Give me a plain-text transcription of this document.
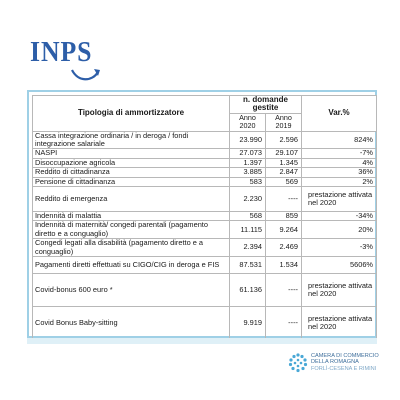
INPS
Tipologia di ammortizzatore	n. domande gestite		Var.%
	Anno 2020	Anno 2019	
Cassa integrazione ordinaria / in deroga / fondi integrazione salariale	23.990	2.596	824%
NASPI	27.073	29.107	-7%
Disoccupazione agricola	1.397	1.345	4%
Reddito di cittadinanza	3.885	2.847	36%
Pensione di cittadinanza	583	569	2%
Reddito di emergenza	2.230	----	prestazione attivata nel 2020
Indennità di malattia	568	859	-34%
Indennità di maternità/ congedi parentali (pagamento diretto e a conguaglio)	11.115	9.264	20%
Congedi legati alla disabilità (pagamento diretto e a conguaglio)	2.394	2.469	-3%
Pagamenti diretti effettuati su CIGO/CIG in deroga e FIS	87.531	1.534	5606%
Covid-bonus 600 euro *	61.136	----	prestazione attivata nel 2020
Covid Bonus Baby-sitting	9.919	----	prestazione attivata nel 2020
CAMERA DI COMMERCIO
DELLA ROMAGNA
FORLÌ-CESENA E RIMINI
